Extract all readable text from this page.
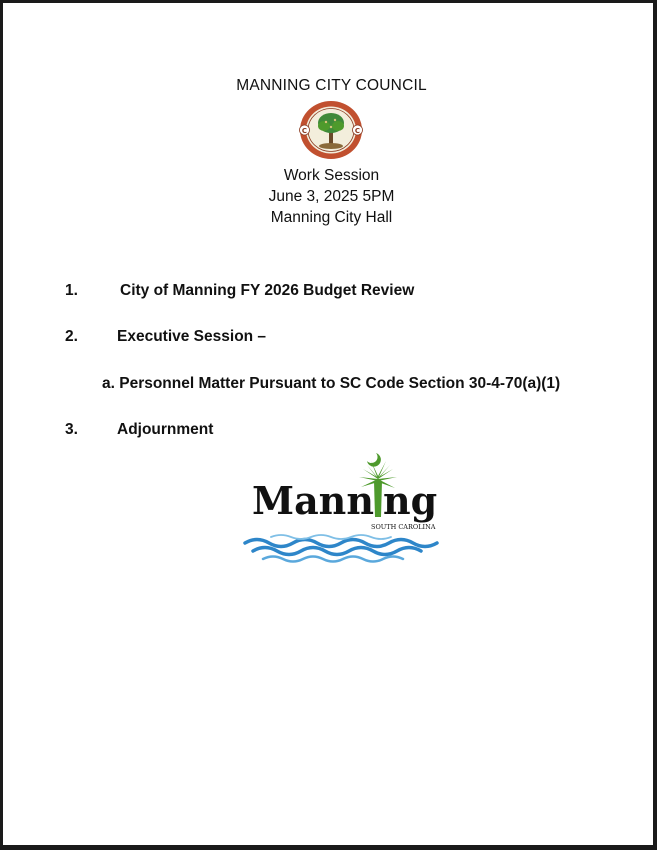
MANNING CITY COUNCIL
C	C
Work Session
June 3, 2025 5PM
Manning City Hall
1.	City of Manning FY 2026 Budget Review
2.	Executive Session –
a. Personnel Matter Pursuant to SC Code Section 30-4-70(a)(1)
3.	Adjournment
Mann ng
SOUTH CAROLINA
